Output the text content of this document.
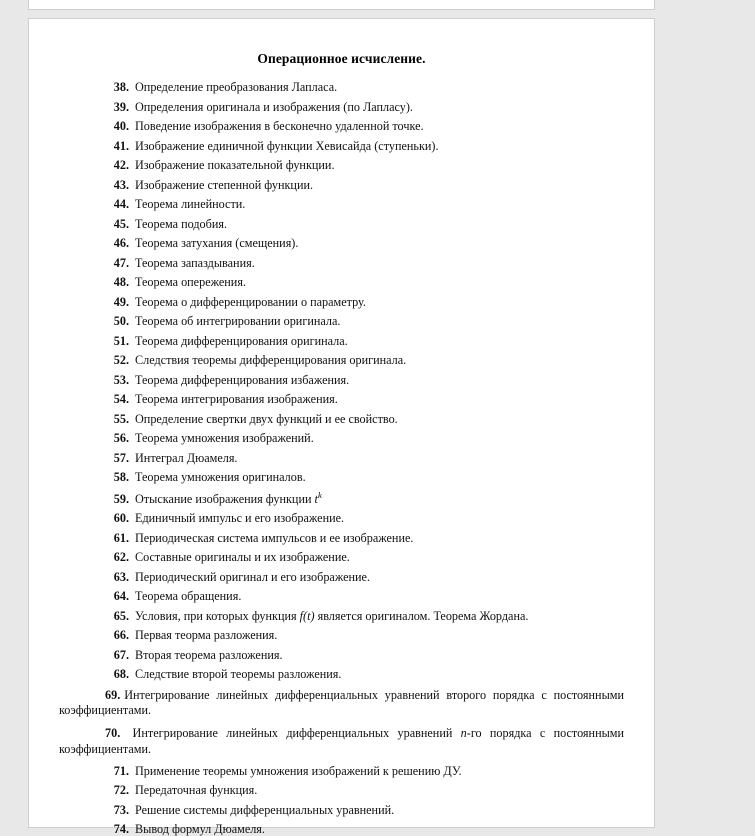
Операционное исчисление.
38. Определение преобразования Лапласа.
39. Определения оригинала и изображения (по Лапласу).
40. Поведение изображения в бесконечно удаленной точке.
41. Изображение единичной функции Хевисайда (ступеньки).
42. Изображение показательной функции.
43. Изображение степенной функции.
44. Теорема линейности.
45. Теорема подобия.
46. Теорема затухания (смещения).
47. Теорема запаздывания.
48. Теорема опережения.
49. Теорема о дифференцировании о параметру.
50. Теорема об интегрировании оригинала.
51. Теорема дифференцирования оригинала.
52. Следствия теоремы дифференцирования оригинала.
53. Теорема дифференцирования избажения.
54. Теорема интегрирования изображения.
55. Определение свертки двух функций и ее свойство.
56. Теорема умножения изображений.
57. Интеграл Дюамеля.
58. Теорема умножения оригиналов.
59. Отыскание изображения функции $t^k$
60. Единичный импульс и его изображение.
61. Периодическая система импульсов и ее изображение.
62. Составные оригиналы и их изображение.
63. Периодический оригинал и его изображение.
64. Теорема обращения.
65. Условия, при которых функция f(t) является оригиналом. Теорема Жордана.
66. Первая теорма разложения.
67. Вторая теорема разложения.
68. Следствие второй теоремы разложения.
69. Интегрирование линейных дифференциальных уравнений второго порядка с постоянными коэффициентами.
70. Интегрирование линейных дифференциальных уравнений n-го порядка с постоянными коэффициентами.
71. Применение теоремы умножения изображений к решению ДУ.
72. Передаточная функция.
73. Решение системы дифференциальных уравнений.
74. Вывод формул Дюамеля.
